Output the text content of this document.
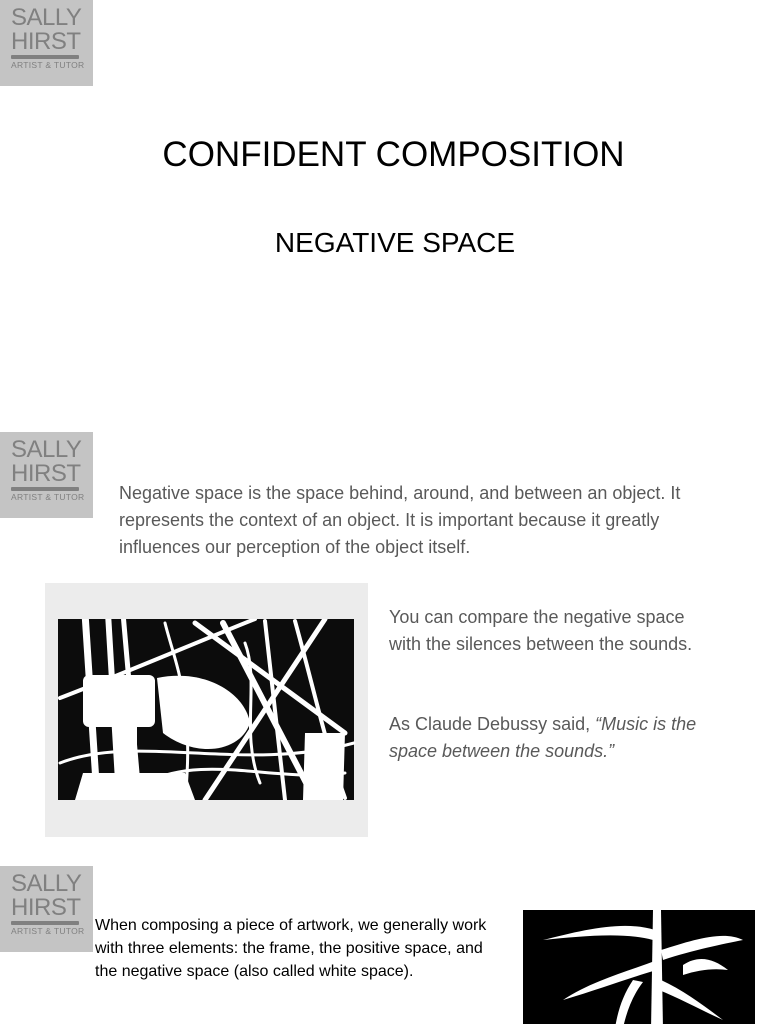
SALLY
HIRST
ARTIST & TUTOR
CONFIDENT COMPOSITION
NEGATIVE SPACE
SALLY
HIRST
ARTIST & TUTOR	Negative space is the space behind, around, and between an object. It represents the context of an object. It is important because it greatly influences our perception of the object itself.

You can compare the negative space with the silences between the sounds.

As Claude Debussy said, “Music is the space between the sounds.”

SALLY
HIRST
ARTIST & TUTOR When composing a piece of artwork, we generally work with three elements: the frame, the positive space, and the negative space (also called white space).
